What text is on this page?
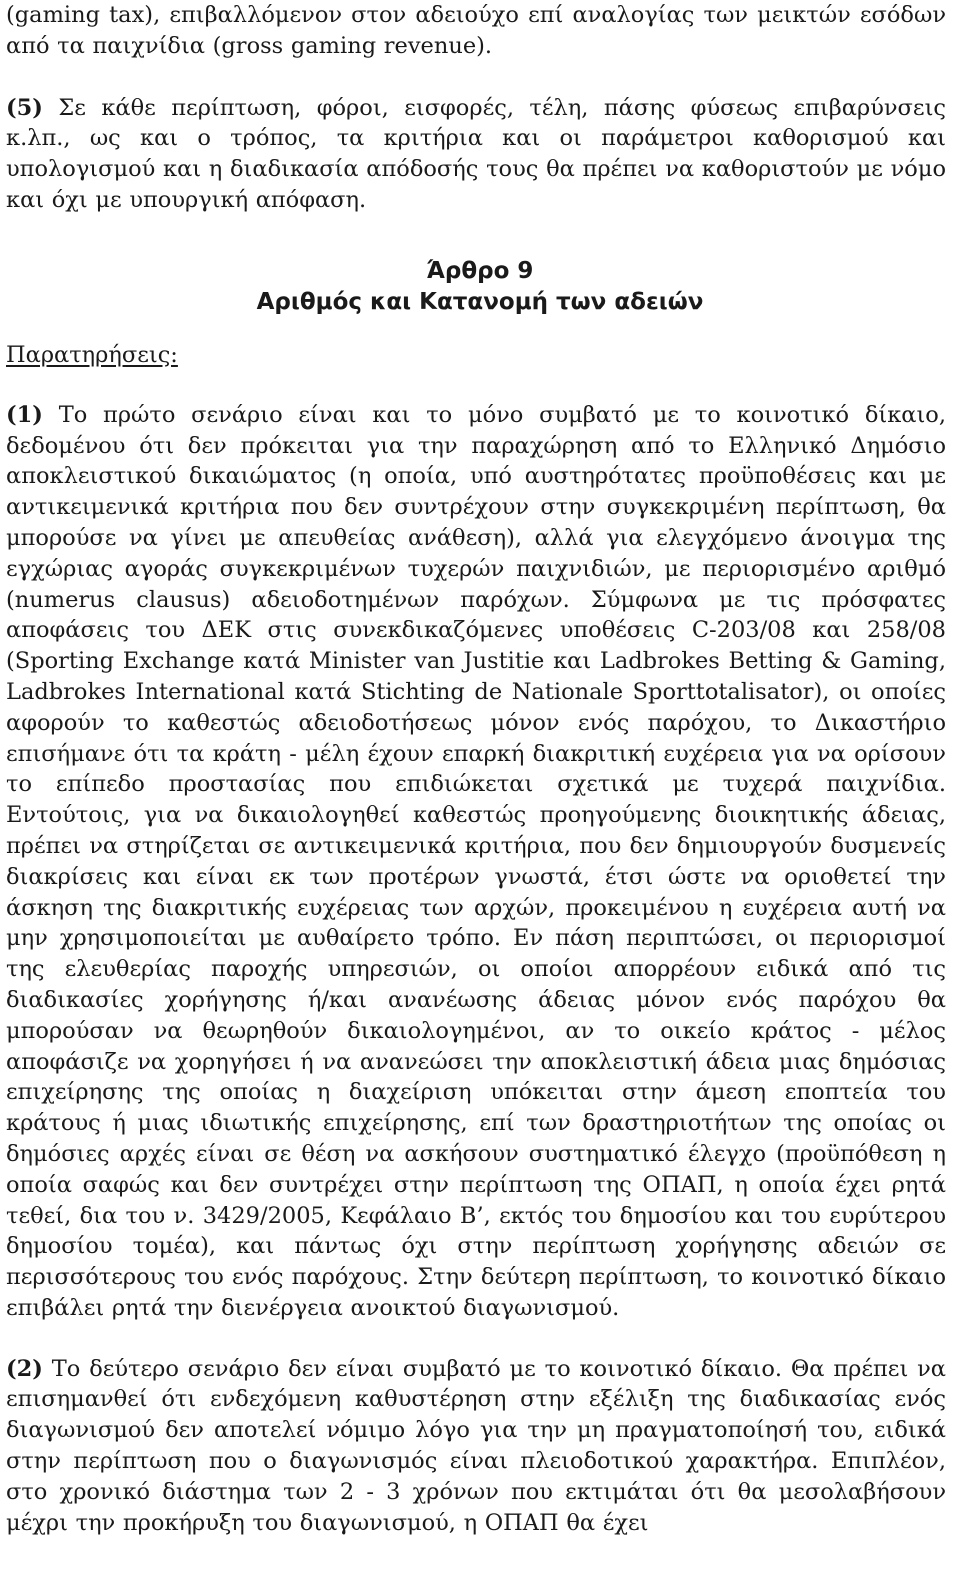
(gaming tax), επιβαλλόμενον στον αδειούχο επί αναλογίας των μεικτών εσόδων από τα παιχνίδια (gross gaming revenue).

(5) Σε κάθε περίπτωση, φόροι, εισφορές, τέλη, πάσης φύσεως επιβαρύνσεις κ.λπ., ως και ο τρόπος, τα κριτήρια και οι παράμετροι καθορισμού και υπολογισμού και η διαδικασία απόδοσής τους θα πρέπει να καθοριστούν με νόμο και όχι με υπουργική απόφαση.

Άρθρο 9

Αριθμός και Κατανομή των αδειών

Παρατηρήσεις:

(1) Το πρώτο σενάριο είναι και το μόνο συμβατό με το κοινοτικό δίκαιο, δεδομένου ότι δεν πρόκειται για την παραχώρηση από το Ελληνικό Δημόσιο αποκλειστικού δικαιώματος (η οποία, υπό αυστηρότατες προϋποθέσεις και με αντικειμενικά κριτήρια που δεν συντρέχουν στην συγκεκριμένη περίπτωση, θα μπορούσε να γίνει με απευθείας ανάθεση), αλλά για ελεγχόμενο άνοιγμα της εγχώριας αγοράς συγκεκριμένων τυχερών παιχνιδιών, με περιορισμένο αριθμό (numerus clausus) αδειοδοτημένων παρόχων. Σύμφωνα με τις πρόσφατες αποφάσεις του ΔΕΚ στις συνεκδικαζόμενες υποθέσεις C-203/08 και 258/08 (Sporting Exchange κατά Minister van Justitie και Ladbrokes Betting & Gaming, Ladbrokes International κατά Stichting de Nationale Sporttotalisator), οι οποίες αφορούν το καθεστώς αδειοδοτήσεως μόνον ενός παρόχου, το Δικαστήριο επισήμανε ότι τα κράτη - μέλη έχουν επαρκή διακριτική ευχέρεια για να ορίσουν το επίπεδο προστασίας που επιδιώκεται σχετικά με τυχερά παιχνίδια. Εντούτοις, για να δικαιολογηθεί καθεστώς προηγούμενης διοικητικής άδειας, πρέπει να στηρίζεται σε αντικειμενικά κριτήρια, που δεν δημιουργούν δυσμενείς διακρίσεις και είναι εκ των προτέρων γνωστά, έτσι ώστε να οριοθετεί την άσκηση της διακριτικής ευχέρειας των αρχών, προκειμένου η ευχέρεια αυτή να μην χρησιμοποιείται με αυθαίρετο τρόπο. Εν πάση περιπτώσει, οι περιορισμοί της ελευθερίας παροχής υπηρεσιών, οι οποίοι απορρέουν ειδικά από τις διαδικασίες χορήγησης ή/και ανανέωσης άδειας μόνον ενός παρόχου θα μπορούσαν να θεωρηθούν δικαιολογημένοι, αν το οικείο κράτος - μέλος αποφάσιζε να χορηγήσει ή να ανανεώσει την αποκλειστική άδεια μιας δημόσιας επιχείρησης της οποίας η διαχείριση υπόκειται στην άμεση εποπτεία του κράτους ή μιας ιδιωτικής επιχείρησης, επί των δραστηριοτήτων της οποίας οι δημόσιες αρχές είναι σε θέση να ασκήσουν συστηματικό έλεγχο (προϋπόθεση η οποία σαφώς και δεν συντρέχει στην περίπτωση της ΟΠΑΠ, η οποία έχει ρητά τεθεί, δια του ν. 3429/2005, Κεφάλαιο Β’, εκτός του δημοσίου και του ευρύτερου δημοσίου τομέα), και πάντως όχι στην περίπτωση χορήγησης αδειών σε περισσότερους του ενός παρόχους. Στην δεύτερη περίπτωση, το κοινοτικό δίκαιο επιβάλει ρητά την διενέργεια ανοικτού διαγωνισμού.

(2) Το δεύτερο σενάριο δεν είναι συμβατό με το κοινοτικό δίκαιο. Θα πρέπει να επισημανθεί ότι ενδεχόμενη καθυστέρηση στην εξέλιξη της διαδικασίας ενός διαγωνισμού δεν αποτελεί νόμιμο λόγο για την μη πραγματοποίησή του, ειδικά στην περίπτωση που ο διαγωνισμός είναι πλειοδοτικού χαρακτήρα. Επιπλέον, στο χρονικό διάστημα των 2 - 3 χρόνων που εκτιμάται ότι θα μεσολαβήσουν μέχρι την προκήρυξη του διαγωνισμού, η ΟΠΑΠ θα έχει
